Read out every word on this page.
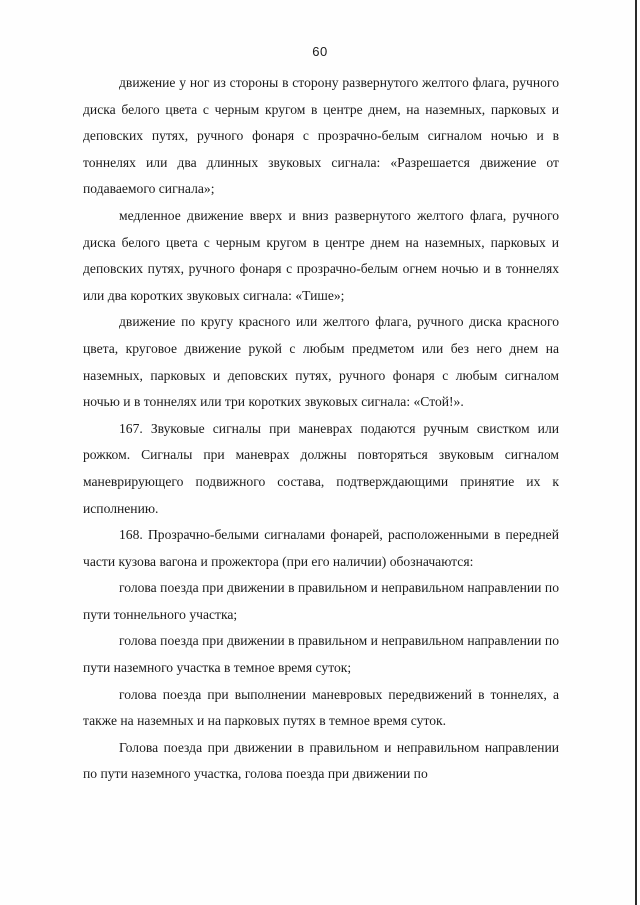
60

движение у ног из стороны в сторону развернутого желтого флага, ручного диска белого цвета с черным кругом в центре днем, на наземных, парковых и деповских путях, ручного фонаря с прозрачно-белым сигналом ночью и в тоннелях или два длинных звуковых сигнала: «Разрешается движение от подаваемого сигнала»;

медленное движение вверх и вниз развернутого желтого флага, ручного диска белого цвета с черным кругом в центре днем на наземных, парковых и деповских путях, ручного фонаря с прозрачно-белым огнем ночью и в тоннелях или два коротких звуковых сигнала: «Тише»;

движение по кругу красного или желтого флага, ручного диска красного цвета, круговое движение рукой с любым предметом или без него днем на наземных, парковых и деповских путях, ручного фонаря с любым сигналом ночью и в тоннелях или три коротких звуковых сигнала: «Стой!».

167. Звуковые сигналы при маневрах подаются ручным свистком или рожком. Сигналы при маневрах должны повторяться звуковым сигналом маневрирующего подвижного состава, подтверждающими принятие их к исполнению.

168. Прозрачно-белыми сигналами фонарей, расположенными в передней части кузова вагона и прожектора (при его наличии) обозначаются:

голова поезда при движении в правильном и неправильном направлении по пути тоннельного участка;

голова поезда при движении в правильном и неправильном направлении по пути наземного участка в темное время суток;

голова поезда при выполнении маневровых передвижений в тоннелях, а также на наземных и на парковых путях в темное время суток.

Голова поезда при движении в правильном и неправильном направлении по пути наземного участка, голова поезда при движении по
